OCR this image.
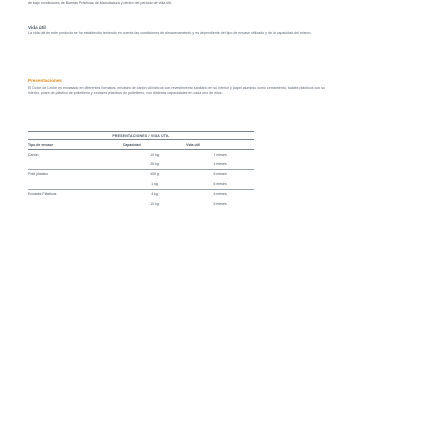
de bajo condiciones de Buenas Prácticas de Manufactura y dentro del período de vida útil.
Vida útil
La vida útil de este producto se ha establecido teniendo en cuenta las condiciones de almacenamiento y es dependiente del tipo de envase utilizado y de la capacidad del mismo.
Presentaciones
El Dulce de Leche es envasado en diferentes formatos: envases de cartón cilíndricos con revestimiento sanitario en su interior y papel aluminio como cerramiento, baldes plásticos con su interior, potes de plástico de polietileno y envases plásticos de polietileno, con distintas capacidades en cada uno de ellos.
PRESENTACIONES / VIDA ÚTIL		
Tipo de envase	Capacidad	Vida útil
Cartón	10 kg	7 meses
	25 kg	4 meses
Pote plástico	400 g	6 meses
	1 kg	6 meses
Envases Plásticos	4 kg	6 meses
	10 kg	6 meses
